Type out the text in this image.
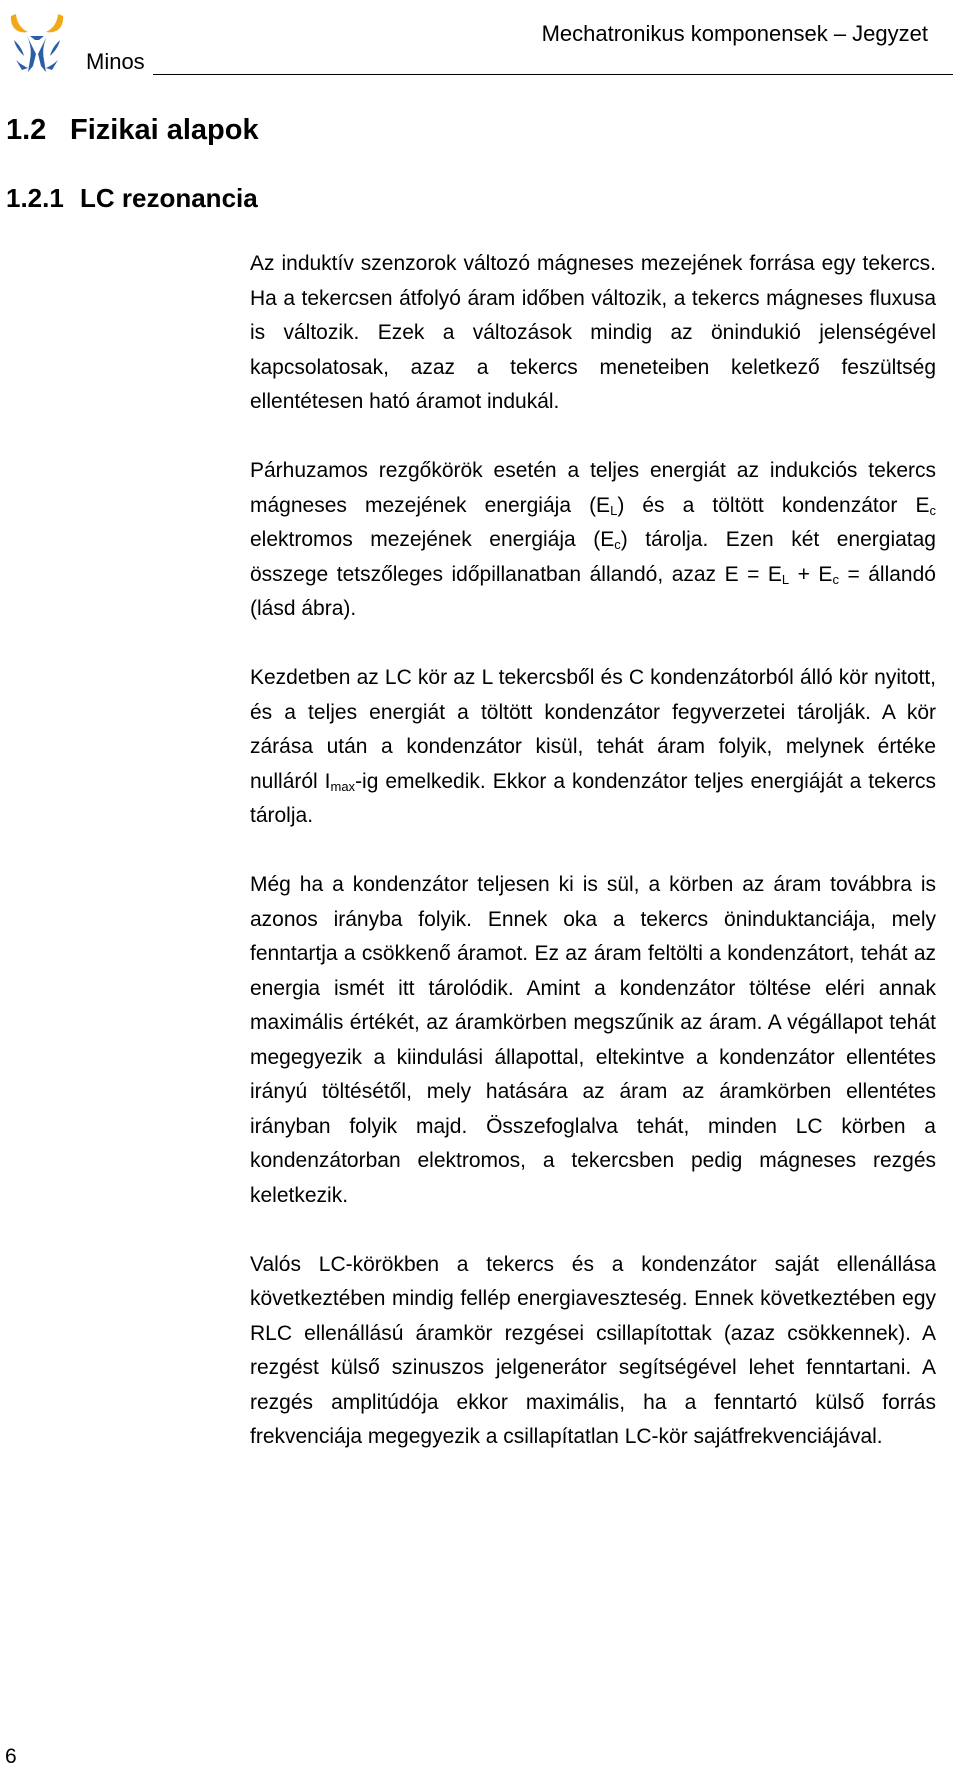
Minos
Mechatronikus komponensek – Jegyzet
1.2 Fizikai alapok
1.2.1 LC rezonancia

Az induktív szenzorok változó mágneses mezejének forrása egy tekercs. Ha a tekercsen átfolyó áram időben változik, a tekercs mágneses fluxusa is változik. Ezek a változások mindig az önindukió jelenségével kapcsolatosak, azaz a tekercs meneteiben keletkező feszültség ellentétesen ható áramot indukál.

Párhuzamos rezgőkörök esetén a teljes energiát az indukciós tekercs mágneses mezejének energiája $(E_L)$ és a töltött kondenzátor $E_c$ elektromos mezejének energiája $(E_c)$ tárolja. Ezen két energiatag összege tetszőleges időpillanatban állandó, azaz $E = E_L + E_c$ = állandó (lásd ábra).

Kezdetben az LC kör az L tekercsből és C kondenzátorból álló kör nyitott, és a teljes energiát a töltött kondenzátor fegyverzetei tárolják. A kör zárása után a kondenzátor kisül, tehát áram folyik, melynek értéke nulláról $I_{max}-ig$ emelkedik. Ekkor a kondenzátor teljes energiáját a tekercs tárolja.

Még ha a kondenzátor teljesen ki is sül, a körben az áram továbbra is azonos irányba folyik. Ennek oka a tekercs öninduktanciája, mely fenntartja a csökkenő áramot. Ez az áram feltölti a kondenzátort, tehát az energia ismét itt tárolódik. Amint a kondenzátor töltése eléri annak maximális értékét, az áramkörben megszűnik az áram. A végállapot tehát megegyezik a kiindulási állapottal, eltekintve a kondenzátor ellentétes irányú töltésétől, mely hatására az áram az áramkörben ellentétes irányban folyik majd. Összefoglalva tehát, minden LC körben a kondenzátorban elektromos, a tekercsben pedig mágneses rezgés keletkezik.

Valós LC-körökben a tekercs és a kondenzátor saját ellenállása következtében mindig fellép energiaveszteség. Ennek következtében egy RLC ellenállású áramkör rezgései csillapítottak (azaz csökkennek). A rezgést külső szinuszos jelgenerátor segítségével lehet fenntartani. A rezgés amplitúdója ekkor maximális, ha a fenntartó külső forrás frekvenciája megegyezik a csillapítatlan LC-kör sajátfrekvenciájával.

6
